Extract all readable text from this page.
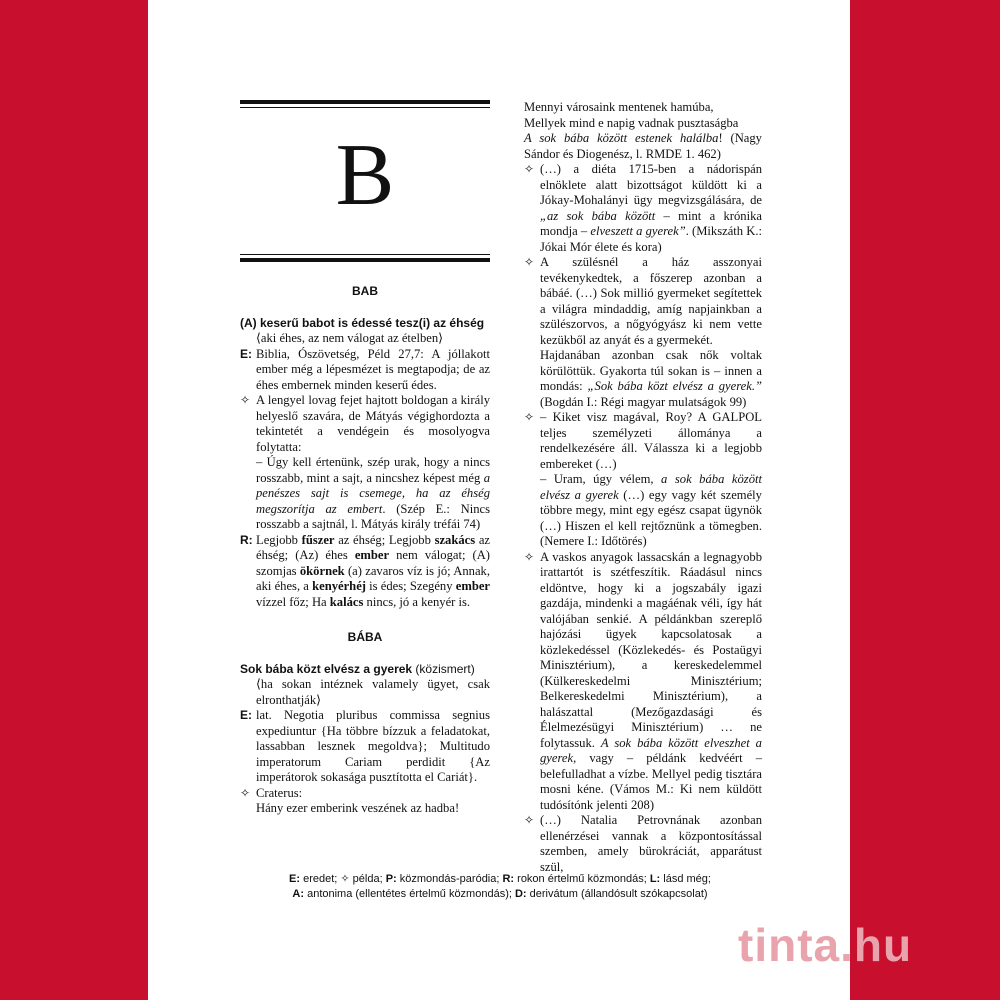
B
BAB
(A) keserű babot is édessé tesz(i) az éhség
⟨aki éhes, az nem válogat az ételben⟩
E: Biblia, Ószövetség, Péld 27,7: A jóllakott ember még a lépesmézet is megtapodja; de az éhes embernek minden keserű édes.
✧ A lengyel lovag fejet hajtott boldogan a király helyeslő szavára, de Mátyás végighordozta a tekintetét a vendégein és mosolyogva folytatta:
– Úgy kell értenünk, szép urak, hogy a nincs rosszabb, mint a sajt, a nincshez képest még a penészes sajt is csemege, ha az éhség megszorítja az embert. (Szép E.: Nincs rosszabb a sajtnál, l. Mátyás király tréfái 74)
R: Legjobb fűszer az éhség; Legjobb szakács az éhség; (Az) éhes ember nem válogat; (A) szomjas ökörnek (a) zavaros víz is jó; Annak, aki éhes, a kenyérhéj is édes; Szegény ember vízzel főz; Ha kalács nincs, jó a kenyér is.
BÁBA
Sok bába közt elvész a gyerek (közismert)
⟨ha sokan intéznek valamely ügyet, csak elronthatják⟩
E: lat. Negotia pluribus commissa segnius expediuntur {Ha többre bízzuk a feladatokat, lassabban lesznek megoldva}; Multitudo imperatorum Cariam perdidit {Az imperátorok sokasága pusztította el Cariát}.
✧ Craterus:
Hány ezer emberink veszének az hadba!
Mennyi városaink mentenek hamúba,
Mellyek mind e napig vadnak pusztaságba
A sok bába között estenek halálba! (Nagy Sándor és Diogenész, l. RMDE 1. 462)
✧ (…) a diéta 1715-ben a nádorispán elnöklete alatt bizottságot küldött ki a Jókay-Mohalányi ügy megvizsgálására, de „az sok bába között – mint a krónika mondja – elveszett a gyerek”. (Mikszáth K.: Jókai Mór élete és kora)
✧ A szülésnél a ház asszonyai tevékenykedtek, a főszerep azonban a bábáé. (…) Sok millió gyermeket segítettek a világra mindaddig, amíg napjainkban a szülészorvos, a nőgyógyász ki nem vette kezükből az anyát és a gyermekét.
Hajdanában azonban csak nők voltak körülöttük. Gyakorta túl sokan is – innen a mondás: „Sok bába közt elvész a gyerek.” (Bogdán I.: Régi magyar mulatságok 99)
✧ – Kiket visz magával, Roy? A GALPOL teljes személyzeti állománya a rendelkezésére áll. Válassza ki a legjobb embereket (…)
– Uram, úgy vélem, a sok bába között elvész a gyerek (…) egy vagy két személy többre megy, mint egy egész csapat ügynök (…) Hiszen el kell rejtőznünk a tömegben. (Nemere I.: Időtörés)
✧ A vaskos anyagok lassacskán a legnagyobb irattartót is szétfeszítik. Ráadásul nincs eldöntve, hogy ki a jogszabály igazi gazdája, mindenki a magáénak véli, így hát valójában senkié. A példánkban szereplő hajózási ügyek kapcsolatosak a közlekedéssel (Közlekedés- és Postaügyi Minisztérium), a kereskedelemmel (Külkereskedelmi Minisztérium; Belkereskedelmi Minisztérium), a halászattal (Mezőgazdasági és Élelmezésügyi Minisztérium) … ne folytassuk. A sok bába között elveszhet a gyerek, vagy – példánk kedvéért – belefulladhat a vízbe. Mellyel pedig tisztára mosni kéne. (Vámos M.: Ki nem küldött tudósítónk jelenti 208)
✧ (…) Natalia Petrovnának azonban ellenérzései vannak a központosítással szemben, amely bürokráciát, apparátust szül,
E: eredet; ✧ példa; P: közmondás-paródia; R: rokon értelmű közmondás; L: lásd még;
A: antonima (ellentétes értelmű közmondás); D: derivátum (állandósult szókapcsolat)
tinta.hu
